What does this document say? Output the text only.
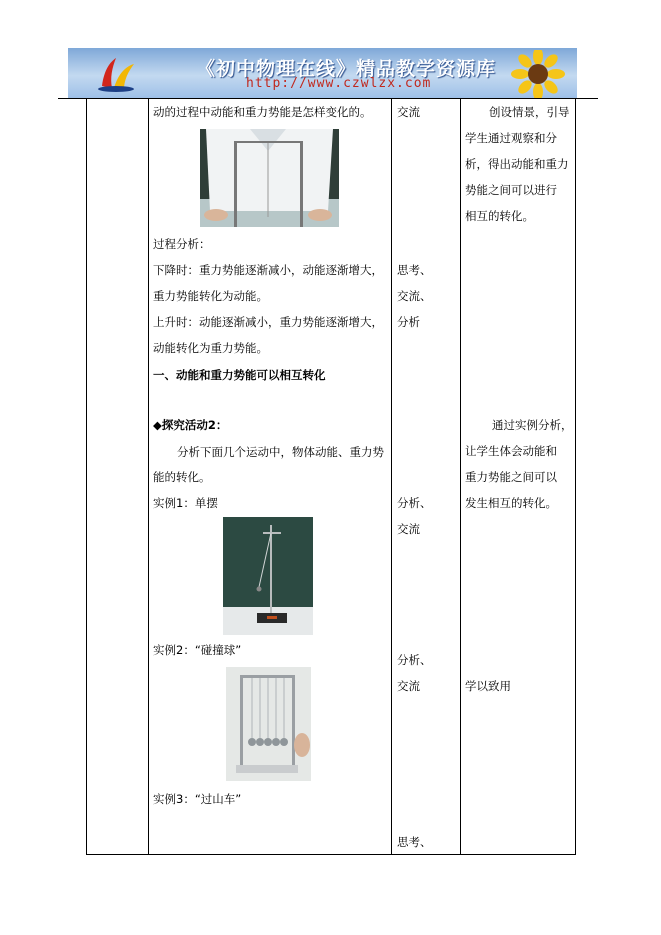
《初中物理在线》精品教学资源库
http://www.czwlzx.com
动的过程中动能和重力势能是怎样变化的。
过程分析：
下降时：重力势能逐渐减小，动能逐渐增大，
重力势能转化为动能。
上升时：动能逐渐减小，重力势能逐渐增大，
动能转化为重力势能。
一、动能和重力势能可以相互转化
◆探究活动2：
分析下面几个运动中，物体动能、重力势
能的转化。
实例1：单摆
实例2：“碰撞球”
实例3：“过山车”
交流
思考、
交流、
分析
分析、
交流
分析、
交流
思考、
创设情景，引导
学生通过观察和分
析，得出动能和重力
势能之间可以进行
相互的转化。
通过实例分析，
让学生体会动能和
重力势能之间可以
发生相互的转化。
学以致用
